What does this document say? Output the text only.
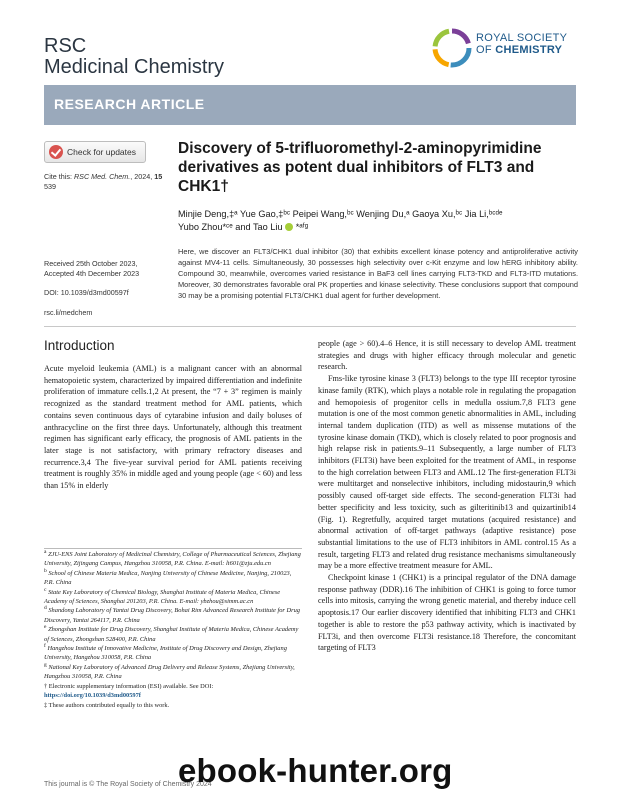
RSC
Medicinal Chemistry
ROYAL SOCIETY
OF CHEMISTRY
RESEARCH ARTICLE
Check for updates
Cite this: RSC Med. Chem., 2024, 15
539
Received 25th October 2023,
Accepted 4th December 2023
DOI: 10.1039/d3md00597f
rsc.li/medchem
Discovery of 5-trifluoromethyl-2-aminopyrimidine derivatives as potent dual inhibitors of FLT3 and CHK1†
Minjie Deng,‡ᵃ Yue Gao,‡ᵇᶜ Peipei Wang,ᵇᶜ Wenjing Du,ᵃ Gaoya Xu,ᵇᶜ Jia Li,ᵇᶜᵈᵉ
Yubo Zhou*ᶜᵉ and Tao Liu  *ᵃᶠᵍ
Here, we discover an FLT3/CHK1 dual inhibitor (30) that exhibits excellent kinase potency and antiproliferative activity against MV4-11 cells. Simultaneously, 30 possesses high selectivity over c-Kit enzyme and low hERG inhibitory ability. Compound 30, meanwhile, overcomes varied resistance in BaF3 cell lines carrying FLT3-TKD and FLT3-ITD mutations. Moreover, 30 demonstrates favorable oral PK properties and kinase selectivity. These conclusions support that compound 30 may be a promising potential FLT3/CHK1 dual agent for further development.
Introduction

Acute myeloid leukemia (AML) is a malignant cancer with an abnormal hematopoietic system, characterized by impaired differentiation and indefinite proliferation of immature cells.1,2 At present, the “7 + 3” regimen is mainly recognized as the standard treatment method for AML patients, which contains seven continuous days of cytarabine infusion and daily boluses of anthracycline on the first three days. Unfortunately, although this treatment regimen has significant early efficacy, the prognosis of AML patients in the later stage is not satisfactory, with primary refractory diseases and recurrence.3,4 The five-year survival period for AML patients receiving treatment is roughly 35% in middle aged and young people (age < 60) and less than 15% in elderly

people (age > 60).4–6 Hence, it is still necessary to develop AML treatment strategies and drugs with higher efficacy through molecular and genetic research.

Fms-like tyrosine kinase 3 (FLT3) belongs to the type III receptor tyrosine kinase family (RTK), which plays a notable role in regulating the propagation and hemopoiesis of progenitor cells in medulla ossium.7,8 FLT3 gene mutation is one of the most common genetic abnormalities in AML, including internal tandem duplication (ITD) as well as missense mutations of the tyrosine kinase domain (TKD), which is closely related to poor prognosis and high relapse risk in patients.9–11 Subsequently, a large number of FLT3 inhibitors (FLT3i) have been exploited for the treatment of AML, in response to the high correlation between FLT3 and AML.12 The first-generation FLT3i were multitarget and nonselective inhibitors, including midostaurin,9 which possibly caused off-target side effects. The second-generation FLT3i had better specificity and less toxicity, such as gilteritinib13 and quizartinib14 (Fig. 1). Regretfully, acquired target mutations (acquired resistance) and abnormal activation of off-target pathways (adaptive resistance) pose substantial limitations to the use of FLT3 inhibitors in AML control.15 As a result, targeting FLT3 and related drug resistance mechanisms simultaneously may be a more effective treatment measure for AML.

Checkpoint kinase 1 (CHK1) is a principal regulator of the DNA damage response pathway (DDR).16 The inhibition of CHK1 is going to force tumor cells into mitosis, carrying the wrong genetic material, and thereby induce cell apoptosis.17 Our earlier discovery identified that inhibiting FLT3 and CHK1 together is able to restore the p53 pathway activity, which is inactivated by FLT3i, and then overcome FLT3i resistance.18 Therefore, the concomitant targeting of FLT3

$^a$ ZJU-ENS Joint Laboratory of Medicinal Chemistry, College of Pharmaceutical Sciences, Zhejiang University, Zijingang Campus, Hangzhou 310058, P.R. China. E-mail: lt601@zju.edu.cn
$^b$ School of Chinese Materia Medica, Nanjing University of Chinese Medicine, Nanjing, 210023, P.R. China
$^c$ State Key Laboratory of Chemical Biology, Shanghai Institute of Materia Medica, Chinese Academy of Sciences, Shanghai 201203, P.R. China. E-mail: ybzhou@simm.ac.cn
$^d$ Shandong Laboratory of Yantai Drug Discovery, Bohai Rim Advanced Research Institute for Drug Discovery, Yantai 264117, P.R. China
$^e$ Zhongshan Institute for Drug Discovery, Shanghai Institute of Materia Medica, Chinese Academy of Sciences, Zhongshan 528400, P.R. China
$^f$ Hangzhou Institute of Innovative Medicine, Institute of Drug Discovery and Design, Zhejiang University, Hangzhou 310058, P.R. China
$^g$ National Key Laboratory of Advanced Drug Delivery and Release Systems, Zhejiang University, Hangzhou 310058, P.R. China
† Electronic supplementary information (ESI) available. See DOI: https://doi.org/10.1039/d3md00597f
‡ These authors contributed equally to this work.
This journal is © The Royal Society of Chemistry 2024
ebook-hunter.org
